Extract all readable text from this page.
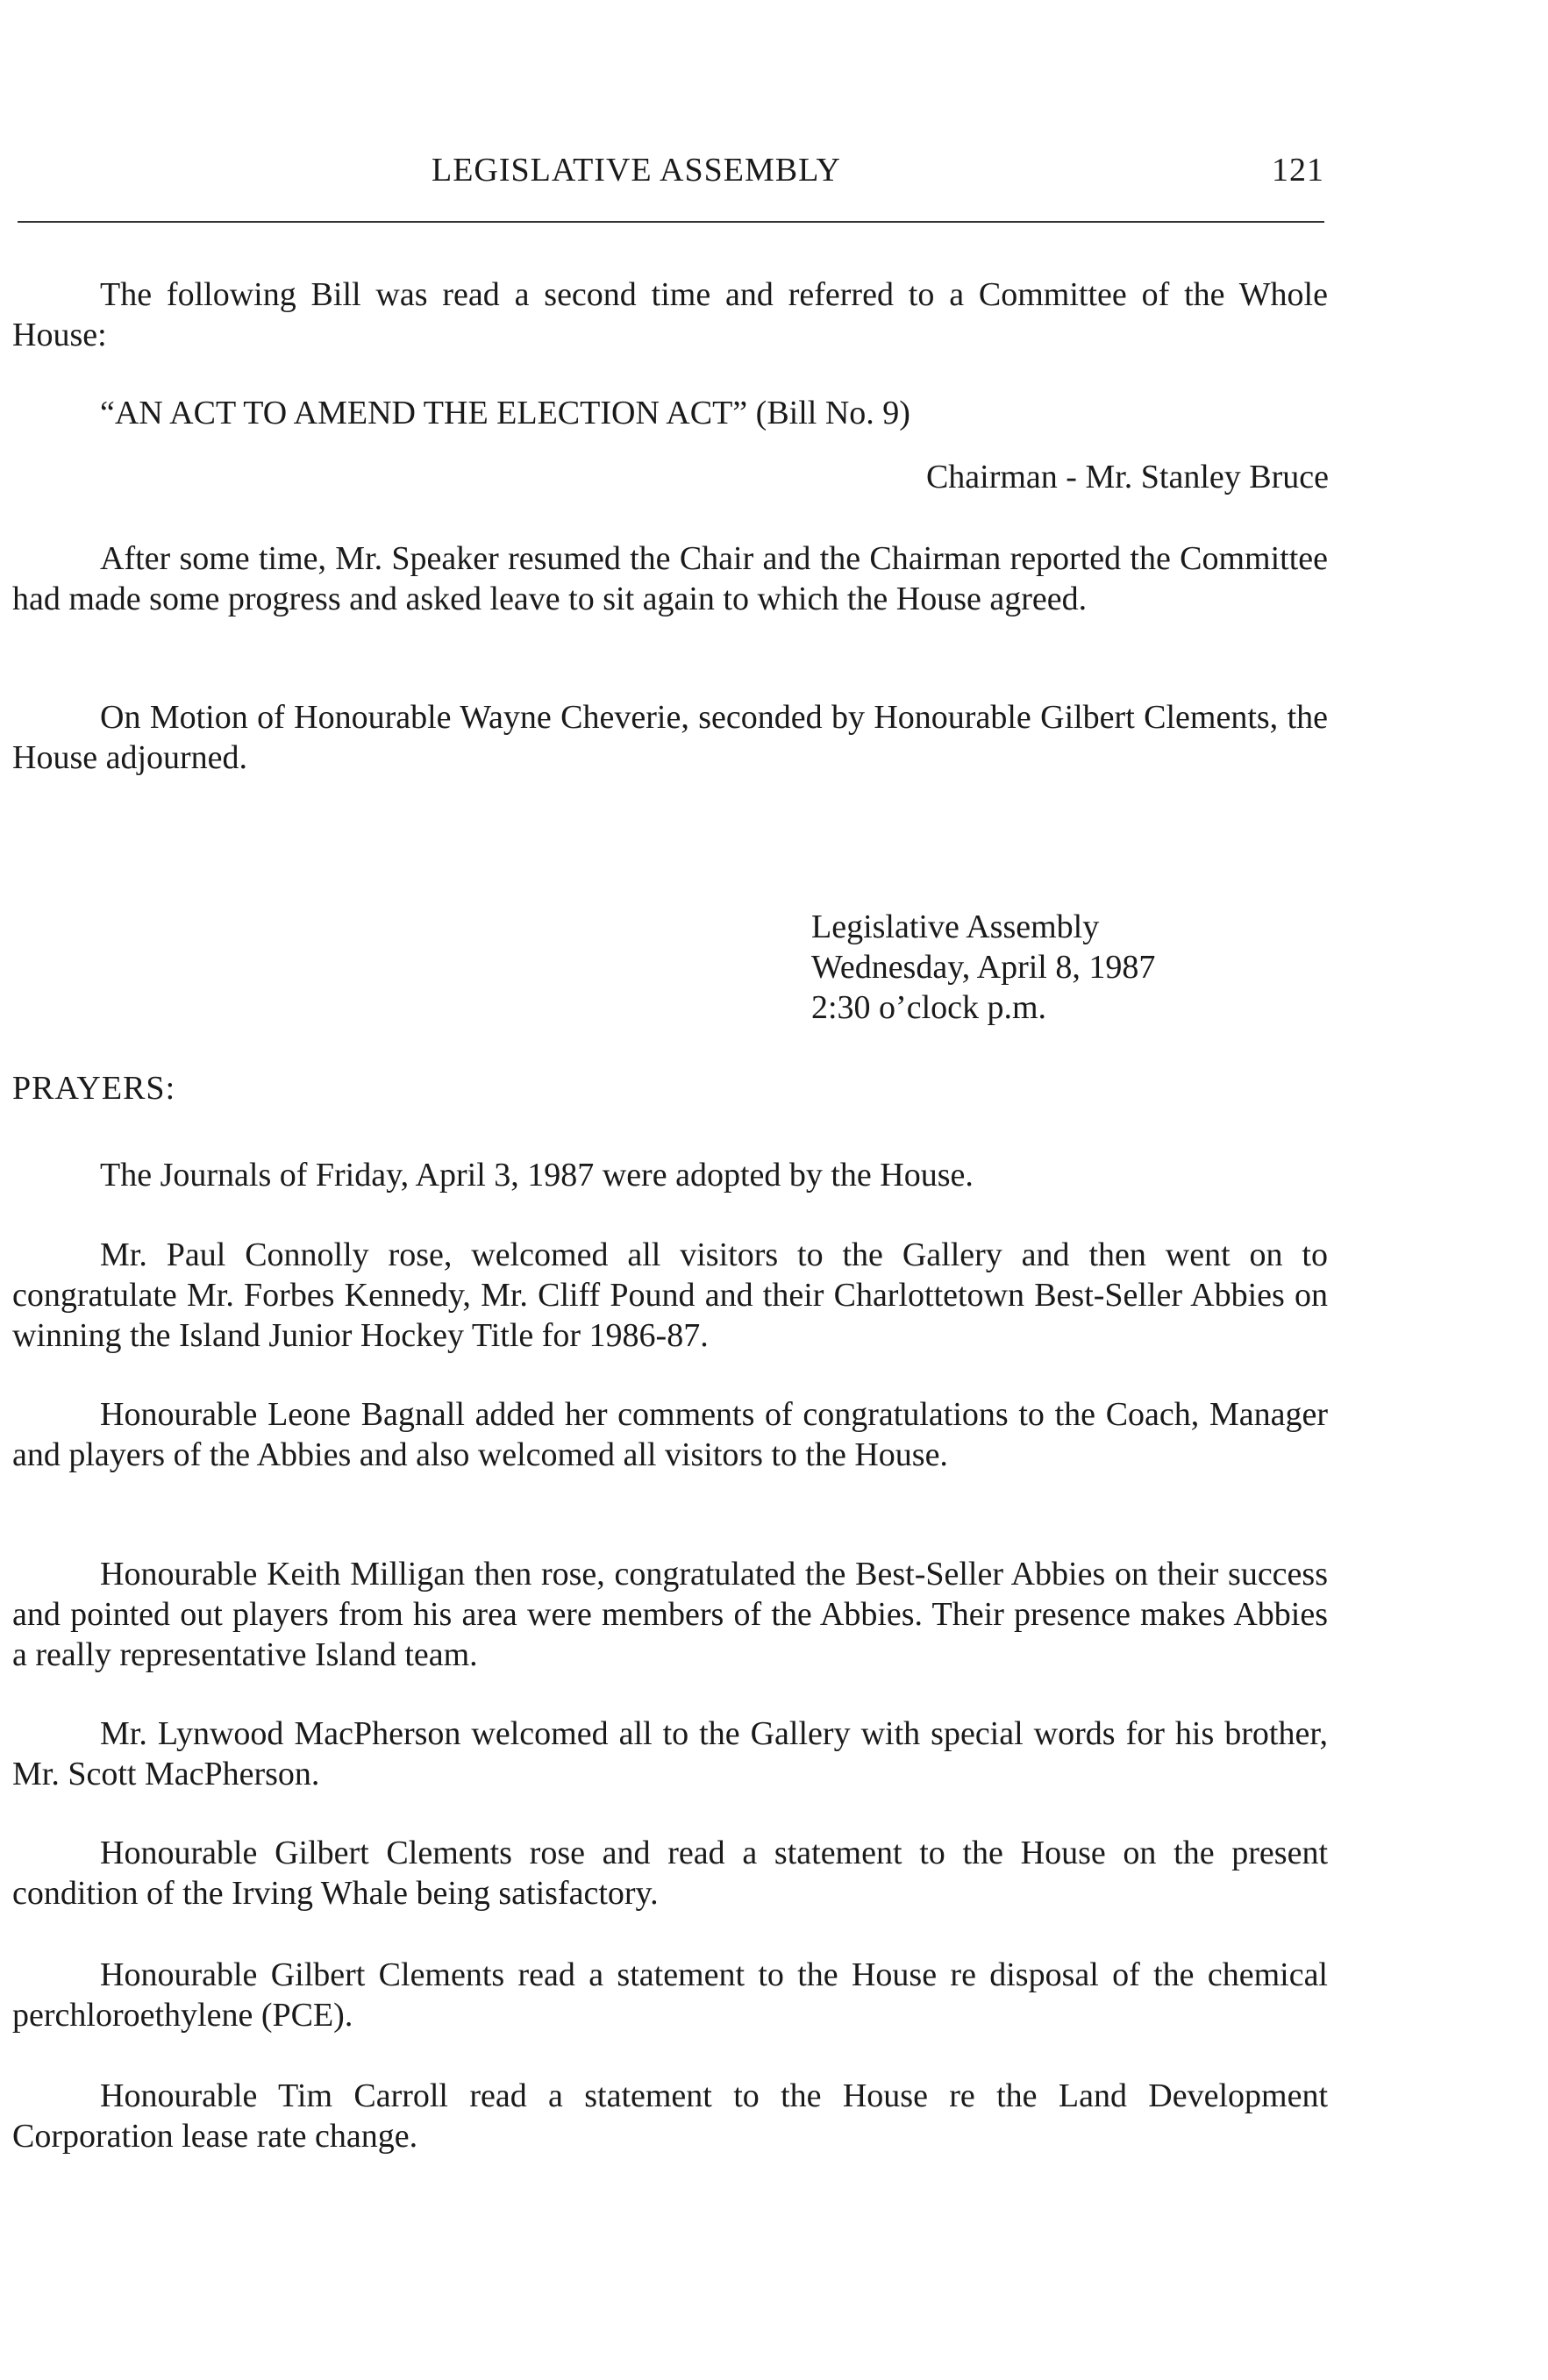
LEGISLATIVE ASSEMBLY	121

The following Bill was read a second time and referred to a Committee of the Whole House:

“AN ACT TO AMEND THE ELECTION ACT” (Bill No. 9)
Chairman - Mr. Stanley Bruce

After some time, Mr. Speaker resumed the Chair and the Chairman reported the Committee had made some progress and asked leave to sit again to which the House agreed.

On Motion of Honourable Wayne Cheverie, seconded by Honourable Gilbert Clements, the House adjourned.

Legislative Assembly
Wednesday, April 8, 1987
2:30 o’clock p.m.
PRAYERS:

The Journals of Friday, April 3, 1987 were adopted by the House.

Mr. Paul Connolly rose, welcomed all visitors to the Gallery and then went on to congratulate Mr. Forbes Kennedy, Mr. Cliff Pound and their Charlottetown Best-Seller Abbies on winning the Island Junior Hockey Title for 1986-87.

Honourable Leone Bagnall added her comments of congratulations to the Coach, Manager and players of the Abbies and also welcomed all visitors to the House.

Honourable Keith Milligan then rose, congratulated the Best-Seller Abbies on their success and pointed out players from his area were members of the Abbies. Their presence makes Abbies a really representative Island team.

Mr. Lynwood MacPherson welcomed all to the Gallery with special words for his brother, Mr. Scott MacPherson.

Honourable Gilbert Clements rose and read a statement to the House on the present condition of the Irving Whale being satisfactory.

Honourable Gilbert Clements read a statement to the House re disposal of the chemical perchloroethylene (PCE).

Honourable Tim Carroll read a statement to the House re the Land Development Corporation lease rate change.
